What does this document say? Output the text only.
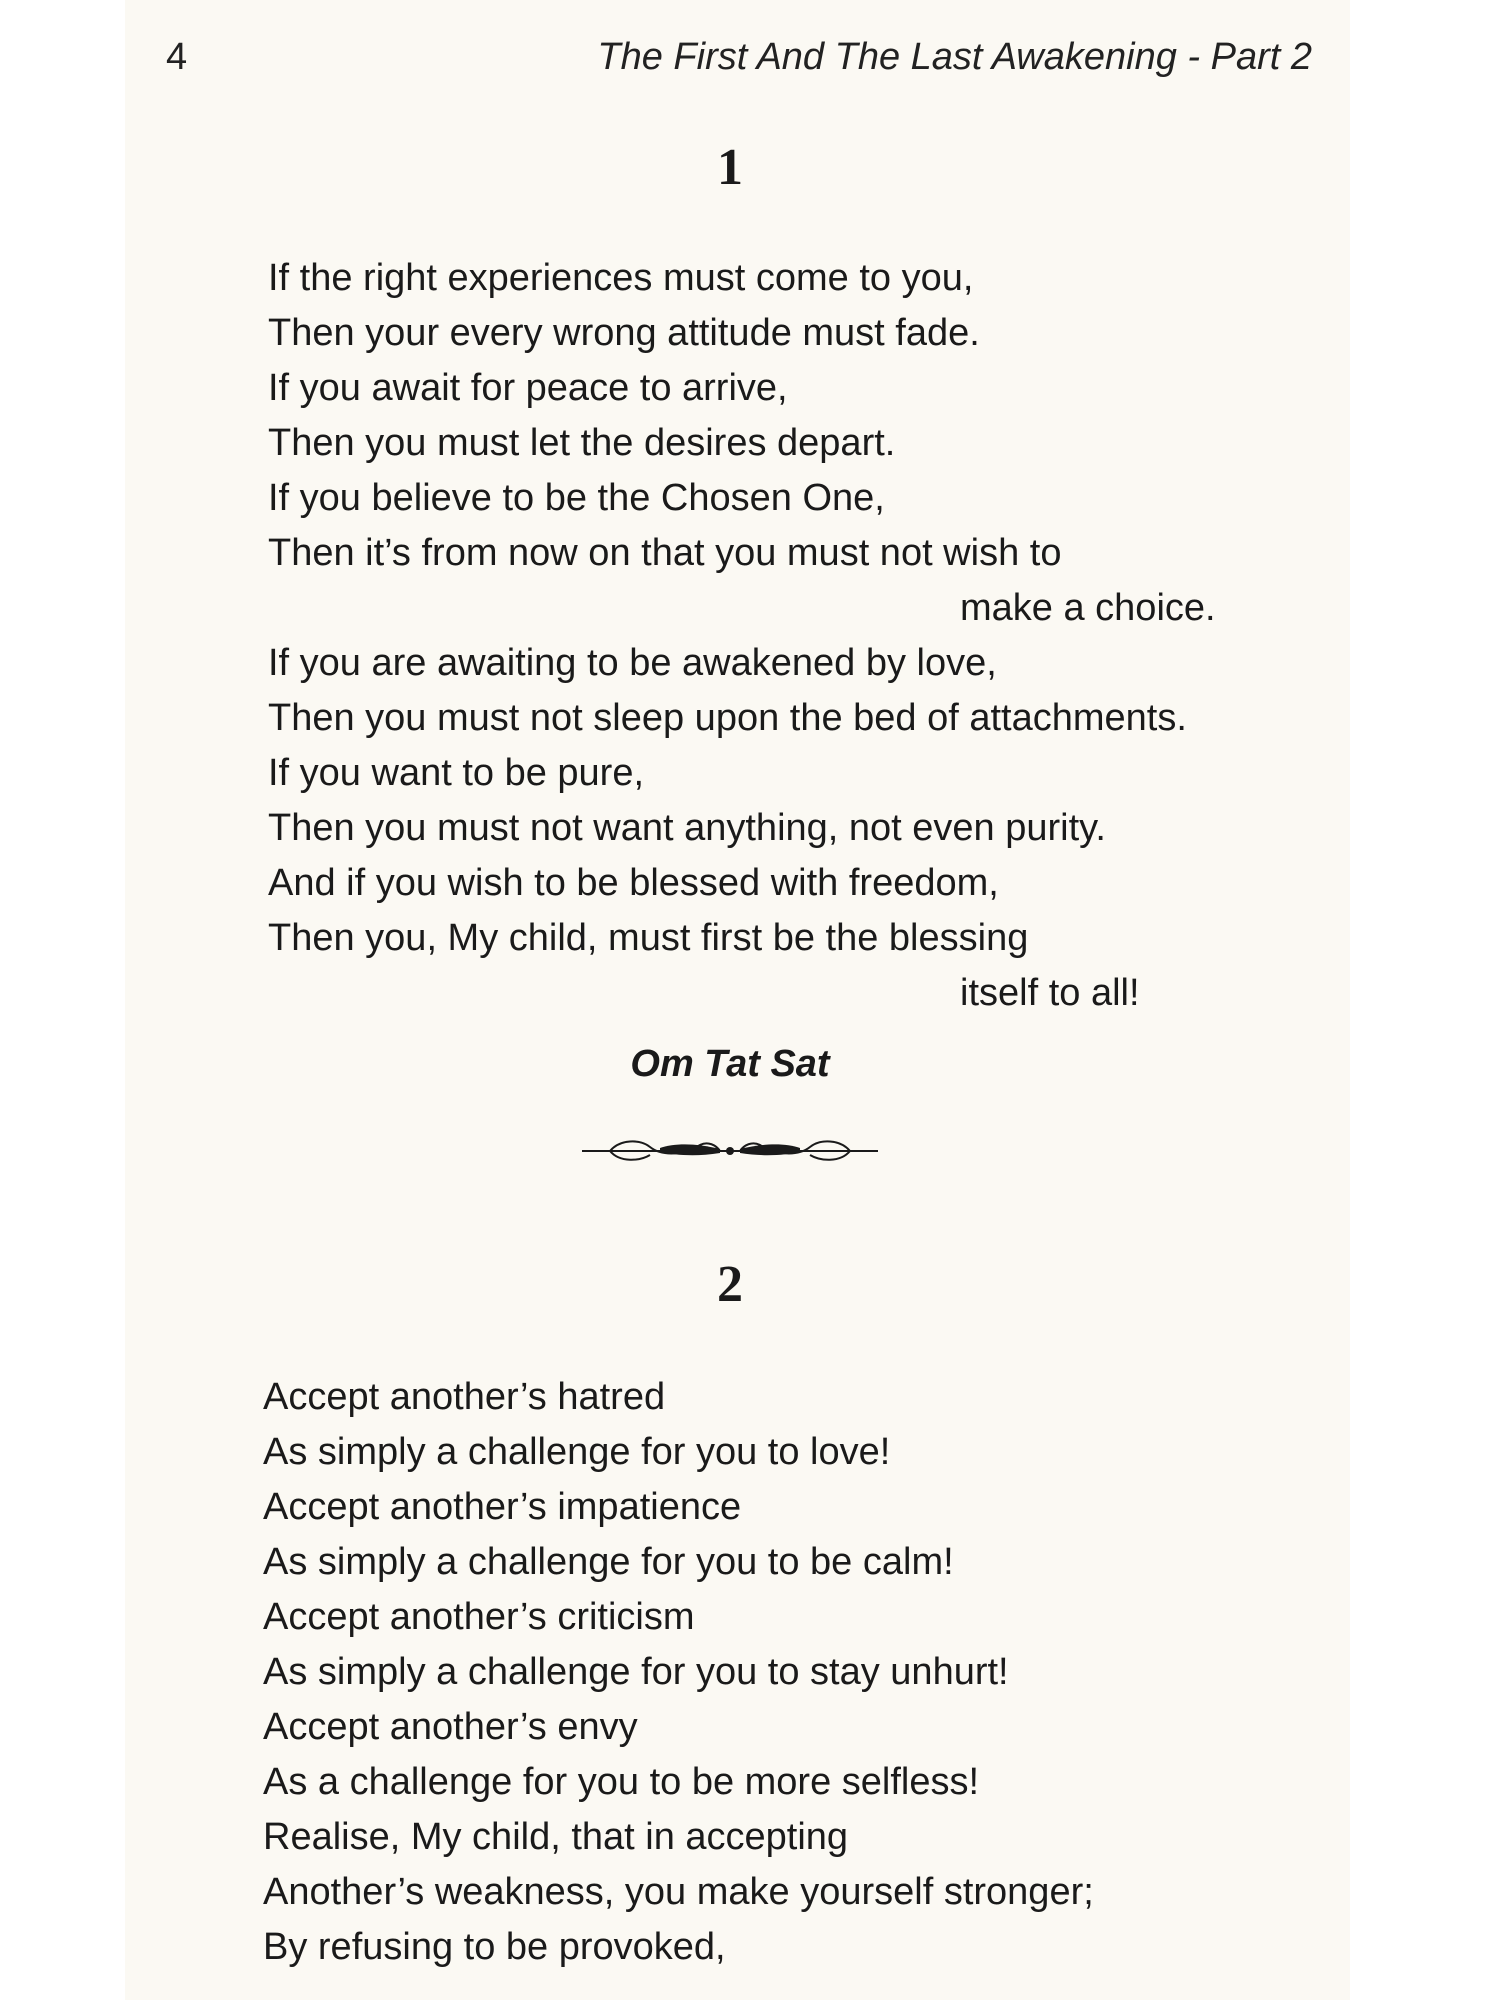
4	The First And The Last Awakening - Part 2
1
If the right experiences must come to you,
Then your every wrong attitude must fade.
If you await for peace to arrive,
Then you must let the desires depart.
If you believe to be the Chosen One,
Then it’s from now on that you must not wish to
make a choice.
If you are awaiting to be awakened by love,
Then you must not sleep upon the bed of attachments.
If you want to be pure,
Then you must not want anything, not even purity.
And if you wish to be blessed with freedom,
Then you, My child, must first be the blessing
itself to all!
Om Tat Sat
2
Accept another’s hatred
As simply a challenge for you to love!
Accept another’s impatience
As simply a challenge for you to be calm!
Accept another’s criticism
As simply a challenge for you to stay unhurt!
Accept another’s envy
As a challenge for you to be more selfless!
Realise, My child, that in accepting
Another’s weakness, you make yourself stronger;
By refusing to be provoked,
